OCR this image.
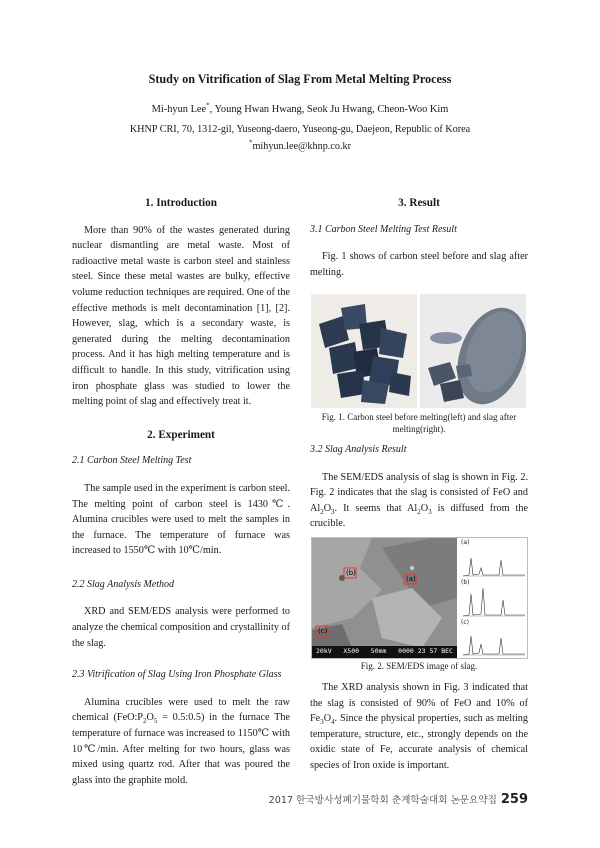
Study on Vitrification of Slag From Metal Melting Process
Mi-hyun Lee*, Young Hwan Hwang, Seok Ju Hwang, Cheon-Woo Kim
KHNP CRI, 70, 1312-gil, Yuseong-daero, Yuseong-gu, Daejeon, Republic of Korea
*mihyun.lee@khnp.co.kr
1. Introduction

More than 90% of the wastes generated during nuclear dismantling are metal waste. Most of radioactive metal waste is carbon steel and stainless steel. Since these metal wastes are bulky, effective volume reduction techniques are required. One of the effective methods is melt decontamination [1], [2]. However, slag, which is a secondary waste, is generated during the melting decontamination process. And it has high melting temperature and is difficult to handle. In this study, vitrification using iron phosphate glass was studied to lower the melting point of slag and effectively treat it.

2. Experiment
2.1 Carbon Steel Melting Test

The sample used in the experiment is carbon steel. The melting point of carbon steel is 1430℃. Alumina crucibles were used to melt the samples in the furnace. The temperature of furnace was increased to 1550℃ with 10℃/min.

2.2 Slag Analysis Method

XRD and SEM/EDS analysis were performed to analyze the chemical composition and crystallinity of the slag.

2.3 Vitrification of Slag Using Iron Phosphate Glass

Alumina crucibles were used to melt the raw chemical ($FeO:P_2O_5$ = 0.5:0.5) in the furnace The temperature of furnace was increased to 1150℃ with 10℃/min. After melting for two hours, glass was mixed using quartz rod. After that was poured the glass into the graphite mold.

3. Result
3.1 Carbon Steel Melting Test Result

Fig. 1 shows of carbon steel before and slag after melting.

Fig. 1. Carbon steel before melting(left) and slag after melting(right).
3.2 Slag Analysis Result

The SEM/EDS analysis of slag is shown in Fig. 2. Fig. 2 indicates that the slag is consisted of FeO and $Al_2O_3$. It seems that $Al_2O_3$ is diffused from the crucible.

(b)
(a)
(c)
20kV   X500   50mm   0000 23 57 BEC
(a)
(b)
(c)
Fig. 2. SEM/EDS image of slag.

The XRD analysis shown in Fig. 3 indicated that the slag is consisted of 90% of FeO and 10% of $Fe_3O_4$. Since the physical properties, such as melting temperature, structure, etc., strongly depends on the oxidic state of Fe, accurate analysis of chemical species of Iron oxide is important.

2017 한국방사성폐기물학회 춘계학술대회 논문요약집 259
